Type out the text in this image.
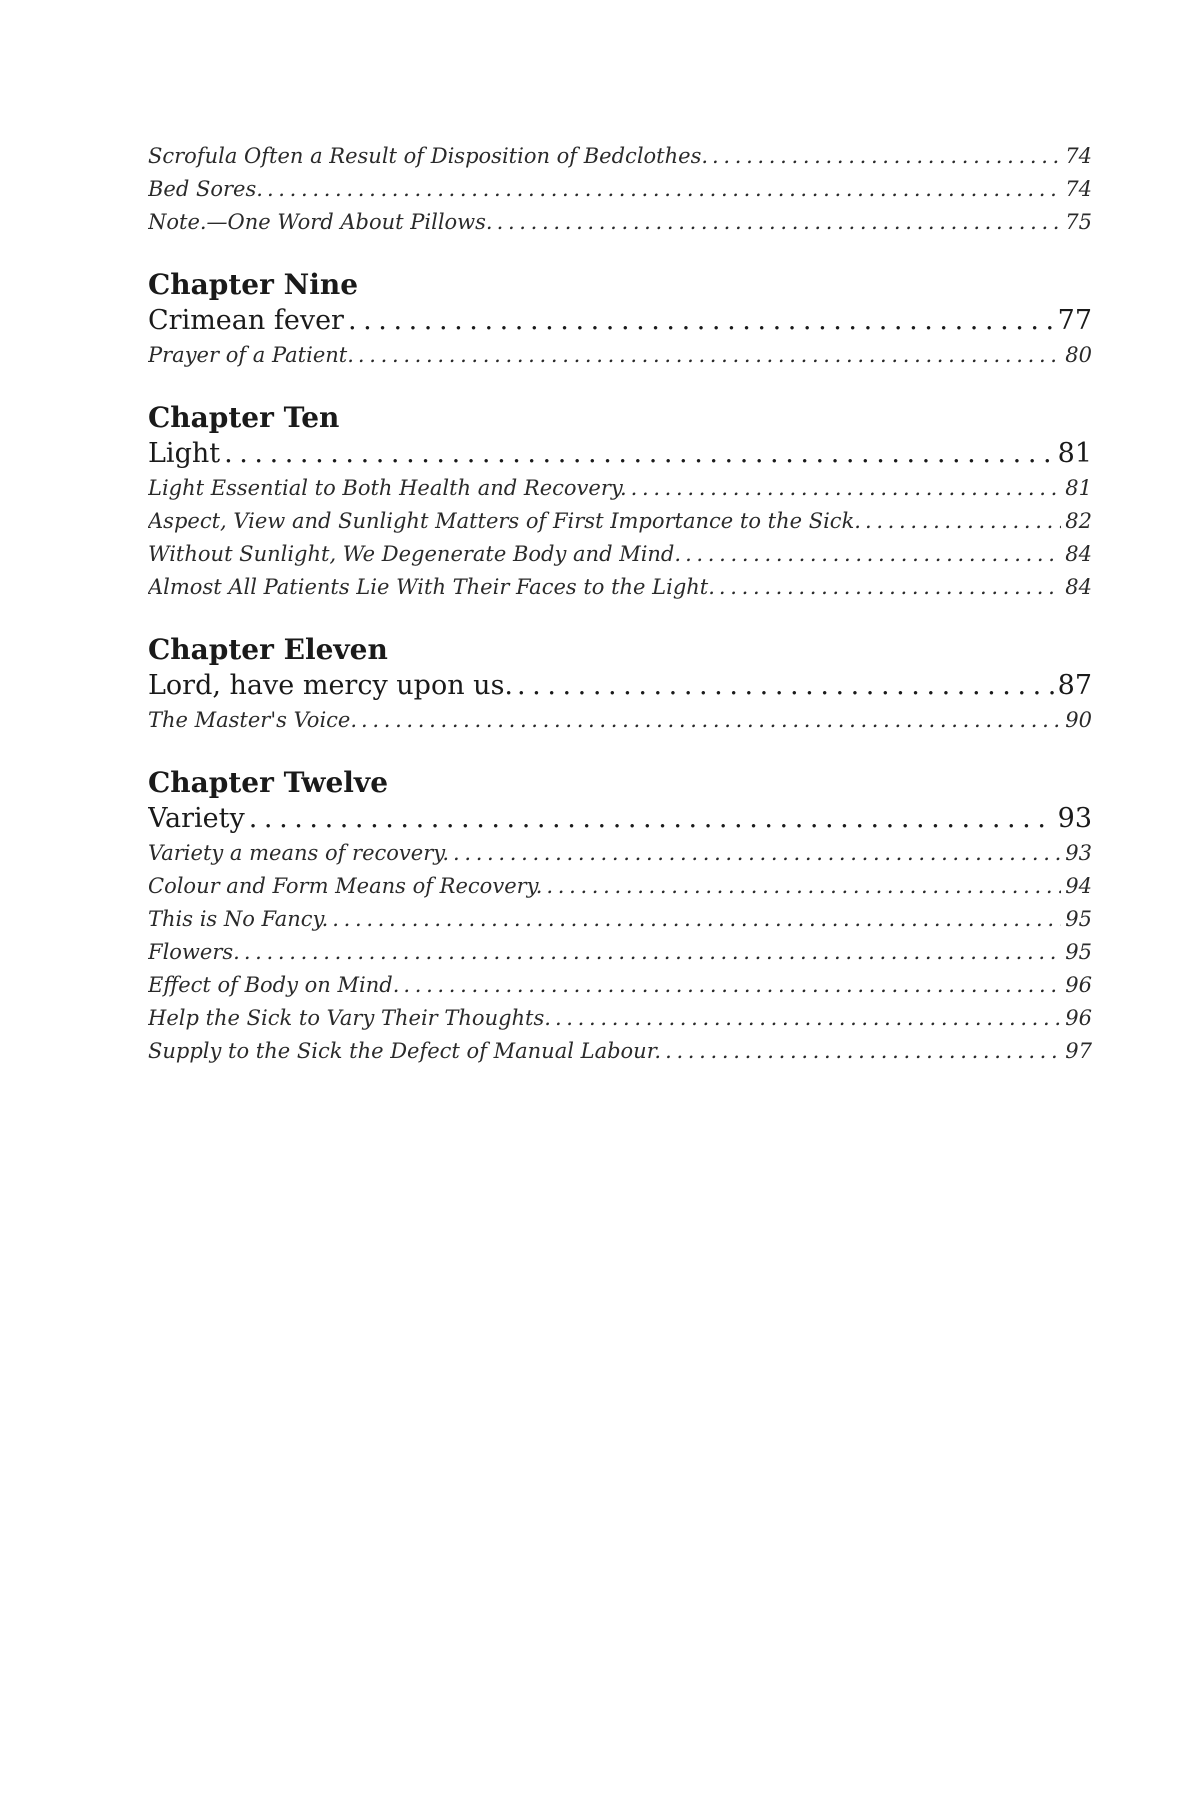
Scrofula Often a Result of Disposition of Bedclothes. . . .	74
Bed Sores. . . .	74
Note.—One Word About Pillows. . . .	75
Chapter Nine
Crimean fever . . .	77
Prayer of a Patient. . . .	80
Chapter Ten
Light . . .	81
Light Essential to Both Health and Recovery. . . .	81
Aspect, View and Sunlight Matters of First Importance to the Sick. . . .	82
Without Sunlight, We Degenerate Body and Mind. . . .	84
Almost All Patients Lie With Their Faces to the Light. . . .	84
Chapter Eleven
Lord, have mercy upon us. . . .	87
The Master's Voice. . . .	90
Chapter Twelve
Variety . . .	93
Variety a means of recovery. . . .	93
Colour and Form Means of Recovery. . . .	94
This is No Fancy. . . .	95
Flowers. . . .	95
Effect of Body on Mind. . . .	96
Help the Sick to Vary Their Thoughts. . . .	96
Supply to the Sick the Defect of Manual Labour. . . .	97
